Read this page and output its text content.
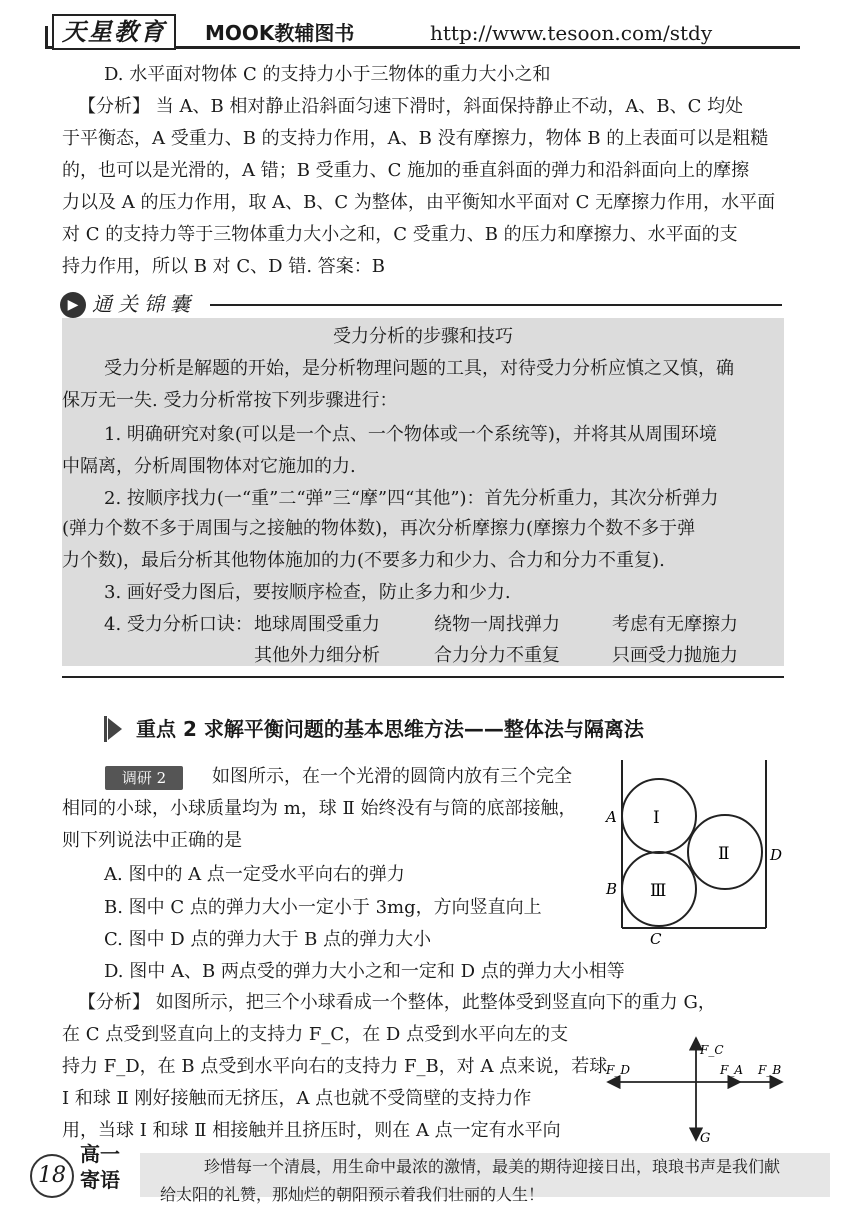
天星教育	MOOK教辅图书	http://www.tesoon.com/stdy
D. 水平面对物体 C 的支持力小于三物体的重力大小之和
【分析】 当 A、B 相对静止沿斜面匀速下滑时，斜面保持静止不动，A、B、C 均处
于平衡态，A 受重力、B 的支持力作用，A、B 没有摩擦力，物体 B 的上表面可以是粗糙
的，也可以是光滑的，A 错；B 受重力、C 施加的垂直斜面的弹力和沿斜面向上的摩擦
力以及 A 的压力作用，取 A、B、C 为整体，由平衡知水平面对 C 无摩擦力作用，水平面
对 C 的支持力等于三物体重力大小之和，C 受重力、B 的压力和摩擦力、水平面的支
持力作用，所以 B 对 C、D 错. 答案：B
▶ 通关锦囊
受力分析的步骤和技巧
受力分析是解题的开始，是分析物理问题的工具，对待受力分析应慎之又慎，确
保万无一失. 受力分析常按下列步骤进行：
1. 明确研究对象(可以是一个点、一个物体或一个系统等)，并将其从周围环境
中隔离，分析周围物体对它施加的力.
2. 按顺序找力(一“重”二“弹”三“摩”四“其他”)：首先分析重力，其次分析弹力
(弹力个数不多于周围与之接触的物体数)，再次分析摩擦力(摩擦力个数不多于弹
力个数)，最后分析其他物体施加的力(不要多力和少力、合力和分力不重复).
3. 画好受力图后，要按顺序检查，防止多力和少力.
4. 受力分析口诀： 地球周围受重力	绕物一周找弹力	考虑有无摩擦力
其他外力细分析	合力分力不重复	只画受力抛施力
重点 2 求解平衡问题的基本思维方法——整体法与隔离法
调研 2	如图所示，在一个光滑的圆筒内放有三个完全
相同的小球，小球质量均为 m，球 Ⅱ 始终没有与筒的底部接触，
则下列说法中正确的是
A. 图中的 A 点一定受水平向右的弹力
B. 图中 C 点的弹力大小一定小于 3mg，方向竖直向上
C. 图中 D 点的弹力大于 B 点的弹力大小
D. 图中 A、B 两点受的弹力大小之和一定和 D 点的弹力大小相等
A
B
C
D
Ⅰ
Ⅱ
Ⅲ
【分析】 如图所示，把三个小球看成一个整体，此整体受到竖直向下的重力 G，
在 C 点受到竖直向上的支持力 F_C，在 D 点受到水平向左的支
持力 F_D，在 B 点受到水平向右的支持力 F_B，对 A 点来说，若球
Ⅰ 和球 Ⅱ 刚好接触而无挤压，A 点也就不受筒壁的支持力作
用，当球 Ⅰ 和球 Ⅱ 相接触并且挤压时，则在 A 点一定有水平向
F_C
F_D	F_A F_B
G
18
高一
寄语
珍惜每一个清晨，用生命中最浓的激情，最美的期待迎接日出，琅琅书声是我们献
给太阳的礼赞，那灿烂的朝阳预示着我们壮丽的人生！
